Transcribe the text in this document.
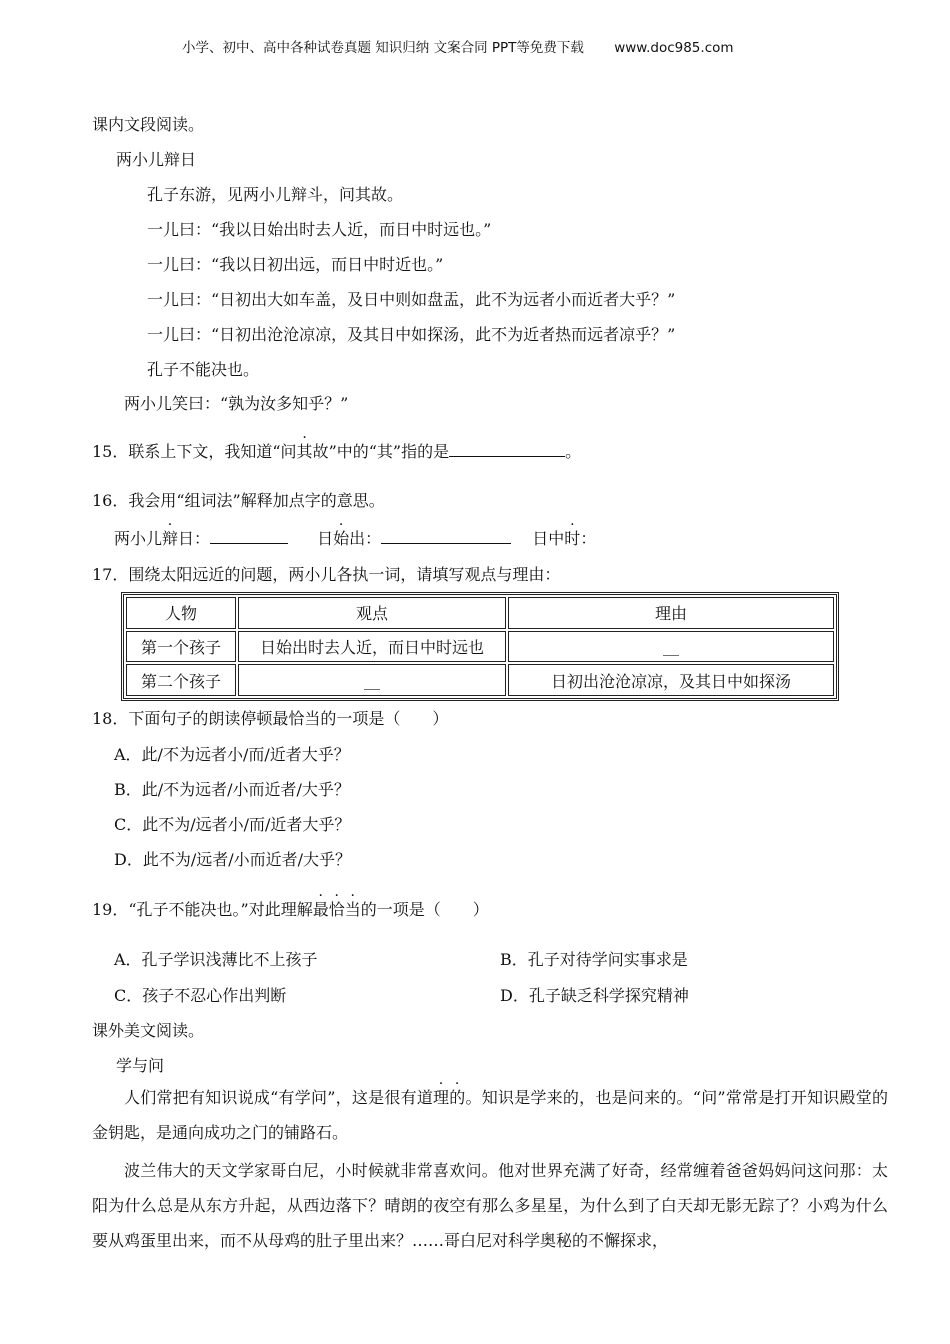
小学、初中、高中各种试卷真题 知识归纳 文案合同 PPT等免费下载 www.doc985.com
课内文段阅读。
两小儿辩日
孔子东游，见两小儿辩斗，问其故。
一儿曰：“我以日始出时去人近，而日中时远也。”
一儿曰：“我以日初出远，而日中时近也。”
一儿曰：“日初出大如车盖，及日中则如盘盂，此不为远者小而近者大乎？”
一儿曰：“日初出沧沧凉凉，及其日中如探汤，此不为近者热而远者凉乎？”
孔子不能决也。
两小儿笑曰：“孰为汝多知乎？”
15．联系上下文，我知道“问其故”中的“其”指的是	。
16．我会用“组词法”解释加点字的意思。
两小儿辩日：	日始出：	日中时：
17．围绕太阳远近的问题，两小儿各执一词，请填写观点与理由：
人物	观点	理由
第一个孩子	日始出时去人近，而日中时远也	__
第二个孩子	__	日初出沧沧凉凉，及其日中如探汤
18．下面句子的朗读停顿最恰当的一项是（　　）
A．此/不为远者小/而/近者大乎？
B．此/不为远者/小而近者/大乎？
C．此不为/远者小/而/近者大乎？
D．此不为/远者/小而近者/大乎？
19．“孔子不能决也。”对此理解最恰当的一项是（　　）
A．孔子学识浅薄比不上孩子	B．孔子对待学问实事求是
C．孩子不忍心作出判断	D．孔子缺乏科学探究精神
课外美文阅读。
学与问
人们常把有知识说成“有学问”，这是很有道理的。知识是学来的，也是问来的。“问”常常是打开知识殿堂的金钥匙，是通向成功之门的铺路石。
波兰伟大的天文学家哥白尼，小时候就非常喜欢问。他对世界充满了好奇，经常缠着爸爸妈妈问这问那：太阳为什么总是从东方升起，从西边落下？晴朗的夜空有那么多星星，为什么到了白天却无影无踪了？小鸡为什么要从鸡蛋里出来，而不从母鸡的肚子里出来？……哥白尼对科学奥秘的不懈探求，
